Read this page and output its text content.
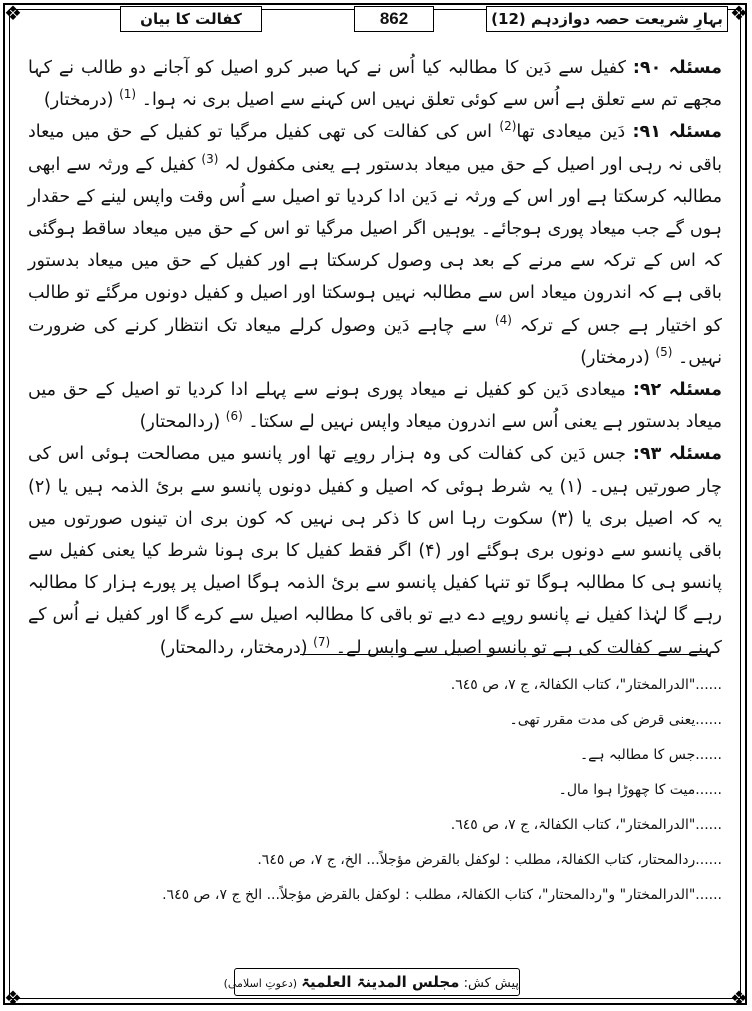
❖	❖
❖	❖
کفالت کا بیان	862	بہارِ شریعت حصہ دوازدہم (12)

مسئلہ ۹۰: کفیل سے دَین کا مطالبہ کیا اُس نے کہا صبر کرو اصیل کو آجانے دو طالب نے کہا مجھے تم سے تعلق ہے اُس سے کوئی تعلق نہیں اس کہنے سے اصیل بری نہ ہوا۔ $^{(1)}$ (درمختار)

مسئلہ ۹۱: دَین میعادی تھا$^{(2)}$ اس کی کفالت کی تھی کفیل مرگیا تو کفیل کے حق میں میعاد باقی نہ رہی اور اصیل کے حق میں میعاد بدستور ہے یعنی مکفول لہ $^{(3)}$ کفیل کے ورثہ سے ابھی مطالبہ کرسکتا ہے اور اس کے ورثہ نے دَین ادا کردیا تو اصیل سے اُس وقت واپس لینے کے حقدار ہوں گے جب میعاد پوری ہوجائے۔ یوہیں اگر اصیل مرگیا تو اس کے حق میں میعاد ساقط ہوگئی کہ اس کے ترکہ سے مرنے کے بعد ہی وصول کرسکتا ہے اور کفیل کے حق میں میعاد بدستور باقی ہے کہ اندرون میعاد اس سے مطالبہ نہیں ہوسکتا اور اصیل و کفیل دونوں مرگئے تو طالب کو اختیار ہے جس کے ترکہ $^{(4)}$ سے چاہے دَین وصول کرلے میعاد تک انتظار کرنے کی ضرورت نہیں۔ $^{(5)}$ (درمختار)

مسئلہ ۹۲: میعادی دَین کو کفیل نے میعاد پوری ہونے سے پہلے ادا کردیا تو اصیل کے حق میں میعاد بدستور ہے یعنی اُس سے اندرون میعاد واپس نہیں لے سکتا۔ $^{(6)}$ (ردالمحتار)

مسئلہ ۹۳: جس دَین کی کفالت کی وہ ہزار روپے تھا اور پانسو میں مصالحت ہوئی اس کی چار صورتیں ہیں۔ (۱) یہ شرط ہوئی کہ اصیل و کفیل دونوں پانسو سے بریٔ الذمہ ہیں یا (۲) یہ کہ اصیل بری یا (۳) سکوت رہا اس کا ذکر ہی نہیں کہ کون بری ان تینوں صورتوں میں باقی پانسو سے دونوں بری ہوگئے اور (۴) اگر فقط کفیل کا بری ہونا شرط کیا یعنی کفیل سے پانسو ہی کا مطالبہ ہوگا تو تنہا کفیل پانسو سے بریٔ الذمہ ہوگا اصیل پر پورے ہزار کا مطالبہ رہے گا لہٰذا کفیل نے پانسو روپے دے دیے تو باقی کا مطالبہ اصیل سے کرے گا اور کفیل نے اُس کے کہنے سے کفالت کی ہے تو پانسو اصیل سے واپس لے۔ $^{(7)}$ (درمختار، ردالمحتار)

......"الدرالمختار"، کتاب الکفالۃ، ج ۷، ص ٦٤٥.
......یعنی قرض کی مدت مقرر تھی۔
......جس کا مطالبہ ہے۔
......میت کا چھوڑا ہوا مال۔
......"الدرالمختار"، کتاب الکفالۃ، ج ۷، ص ٦٤٥.
......ردالمحتار، کتاب الکفالۃ، مطلب : لوکفل بالقرض مؤجلاً... الخ، ج ۷، ص ٦٤٥.
......"الدرالمختار" و"ردالمحتار"، کتاب الکفالۃ، مطلب : لوکفل بالقرض مؤجلاً... الخ ج ۷، ص ٦٤٥.
پیش کش: مجلس المدینۃ العلمیۃ (دعوتِ اسلامی)
